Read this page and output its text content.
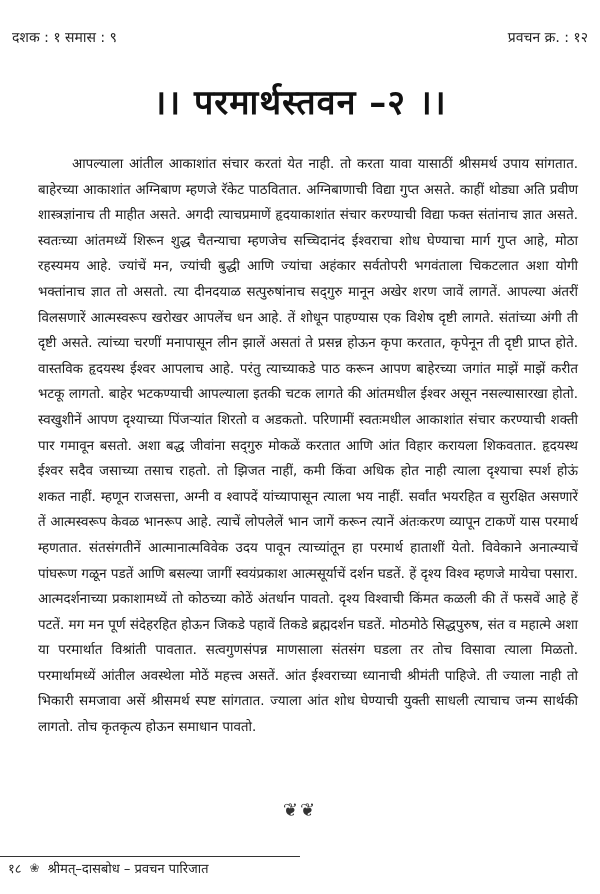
दशक : १ समास : ९	प्रवचन क्र. : १२
।। परमार्थस्तवन –२ ।।
आपल्याला आंतील आकाशांत संचार करतां येत नाही. तो करता यावा यासाठीं श्रीसमर्थ उपाय सांगतात. बाहेरच्या आकाशांत अग्निबाण म्हणजे रॅकेट पाठवितात. अग्निबाणाची विद्या गुप्त असते. काहीं थोड्या अति प्रवीण शास्त्रज्ञांनाच ती माहीत असते. अगदी त्याचप्रमाणें हृदयाकाशांत संचार करण्याची विद्या फक्त संतांनाच ज्ञात असते. स्वतःच्या आंतमध्यें शिरून शुद्ध चैतन्याचा म्हणजेच सच्चिदानंद ईश्वराचा शोध घेण्याचा मार्ग गुप्त आहे, मोठा रहस्यमय आहे. ज्यांचें मन, ज्यांची बुद्धी आणि ज्यांचा अहंकार सर्वतोपरी भगवंताला चिकटलात अशा योगी भक्तांनाच ज्ञात तो असतो. त्या दीनदयाळ सत्पुरुषांनाच सद्‌गुरु मानून अखेर शरण जावें लागतें. आपल्या अंतरीं विलसणारें आत्मस्वरूप खरोखर आपलेंच धन आहे. तें शोधून पाहण्यास एक विशेष दृष्टी लागते. संतांच्या अंगी ती दृष्टी असते. त्यांच्या चरणीं मनापासून लीन झालें असतां ते प्रसन्न होऊन कृपा करतात, कृपेनून ती दृष्टी प्राप्त होते. वास्तविक हृदयस्थ ईश्वर आपलाच आहे. परंतु त्याच्याकडे पाठ करून आपण बाहेरच्या जगांत माझें माझें करीत भटकू लागतो. बाहेर भटकण्याची आपल्याला इतकी चटक लागते की आंतमधील ईश्वर असून नसल्यासारखा होतो. स्वखुशीनें आपण दृश्याच्या पिंजऱ्यांत शिरतो व अडकतो. परिणामीं स्वतःमधील आकाशांत संचार करण्याची शक्ती पार गमावून बसतो. अशा बद्ध जीवांना सद्‌गुरु मोकळें करतात आणि आंत विहार करायला शिकवतात. हृदयस्थ ईश्वर सदैव जसाच्या तसाच राहतो. तो झिजत नाहीं, कमी किंवा अधिक होत नाही त्याला दृश्याचा स्पर्श होऊं शकत नाहीं. म्हणून राजसत्ता, अग्नी व श्वापदें यांच्यापासून त्याला भय नाहीं. सर्वांत भयरहित व सुरक्षित असणारें तें आत्मस्वरूप केवळ भानरूप आहे. त्याचें लोपलेलें भान जागें करून त्यानें अंतःकरण व्यापून टाकणें यास परमार्थ म्हणतात. संतसंगतीनें आत्मानात्मविवेक उदय पावून त्याच्यांतून हा परमार्थ हाताशीं येतो. विवेकाने अनात्म्याचें पांघरूण गळून पडतें आणि बसल्या जागीं स्वयंप्रकाश आत्मसूर्याचें दर्शन घडतें. हें दृश्य विश्व म्हणजे मायेचा पसारा. आत्मदर्शनाच्या प्रकाशामध्यें तो कोठच्या कोठें अंतर्धान पावतो. दृश्य विश्वाची किंमत कळली की तें फसवें आहे हें पटतें. मग मन पूर्ण संदेहरहित होऊन जिकडे पहावें तिकडे ब्रह्मदर्शन घडतें. मोठमोठे सिद्धपुरुष, संत व महात्मे अशा या परमार्थात विश्रांती पावतात. सत्वगुणसंपन्न माणसाला संतसंग घडला तर तोच विसावा त्याला मिळतो. परमार्थामध्यें आंतील अवस्थेला मोठें महत्त्व असतें. आंत ईश्वराच्या ध्यानाची श्रीमंती पाहिजे. ती ज्याला नाही तो भिकारी समजावा असें श्रीसमर्थ स्पष्ट सांगतात. ज्याला आंत शोध घेण्याची युक्ती साधली त्याचाच जन्म सार्थकी लागतो. तोच कृतकृत्य होऊन समाधान पावतो.
❦❦
१८ ❀ श्रीमत्–दासबोध – प्रवचन पारिजात
